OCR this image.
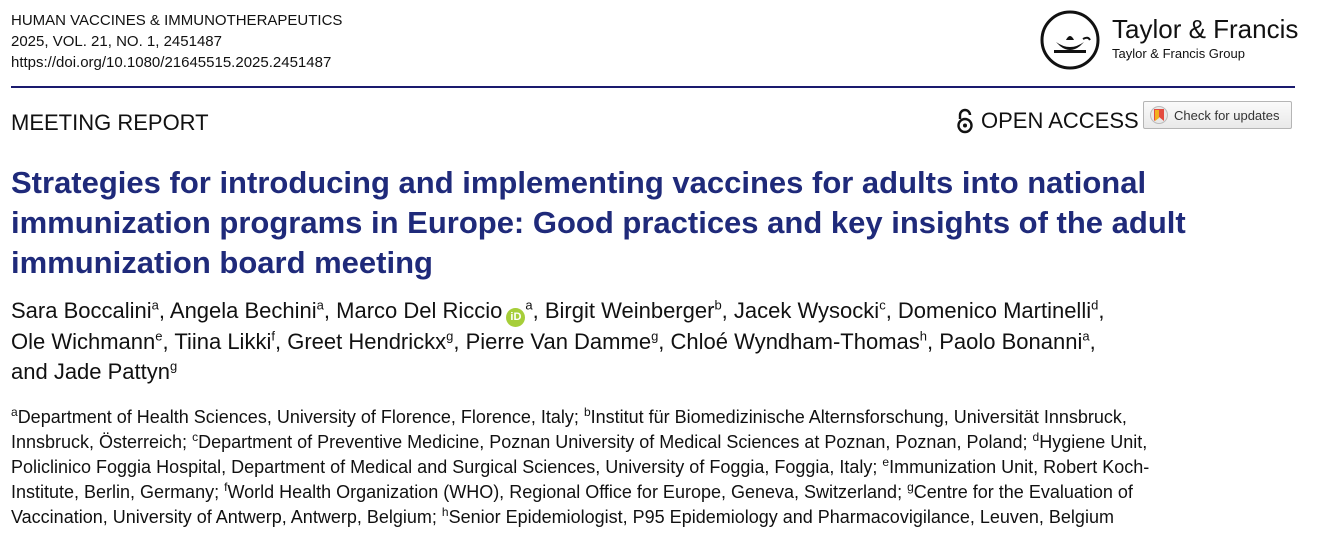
HUMAN VACCINES & IMMUNOTHERAPEUTICS
2025, VOL. 21, NO. 1, 2451487
https://doi.org/10.1080/21645515.2025.2451487
Taylor & Francis
Taylor & Francis Group
MEETING REPORT	OPEN ACCESS	Check for updates
Strategies for introducing and implementing vaccines for adults into national
immunization programs in Europe: Good practices and key insights of the adult
immunization board meeting
Sara Boccalini$^a$, Angela Bechini$^a$, Marco Del Riccio $iD^a$, Birgit Weinberger$^b$, Jacek Wysocki$^c$, Domenico Martinelli$^d$,
Ole Wichmann$^e$, Tiina Likki$^f$, Greet Hendrickx$^g$, Pierre Van Damme$^g$, Chloé Wyndham-Thomas$^h$, Paolo Bonanni$^a$,
and Jade Pattyn$^g$
$^a$Department of Health Sciences, University of Florence, Florence, Italy; $^b$Institut für Biomedizinische Alternsforschung, Universität Innsbruck,
Innsbruck, Österreich; $^c$Department of Preventive Medicine, Poznan University of Medical Sciences at Poznan, Poznan, Poland; $^d$Hygiene Unit,
Policlinico Foggia Hospital, Department of Medical and Surgical Sciences, University of Foggia, Foggia, Italy; $^e$Immunization Unit, Robert Koch-
Institute, Berlin, Germany; $^f$World Health Organization (WHO), Regional Office for Europe, Geneva, Switzerland; $^g$Centre for the Evaluation of
Vaccination, University of Antwerp, Antwerp, Belgium; $^h$Senior Epidemiologist, P95 Epidemiology and Pharmacovigilance, Leuven, Belgium
